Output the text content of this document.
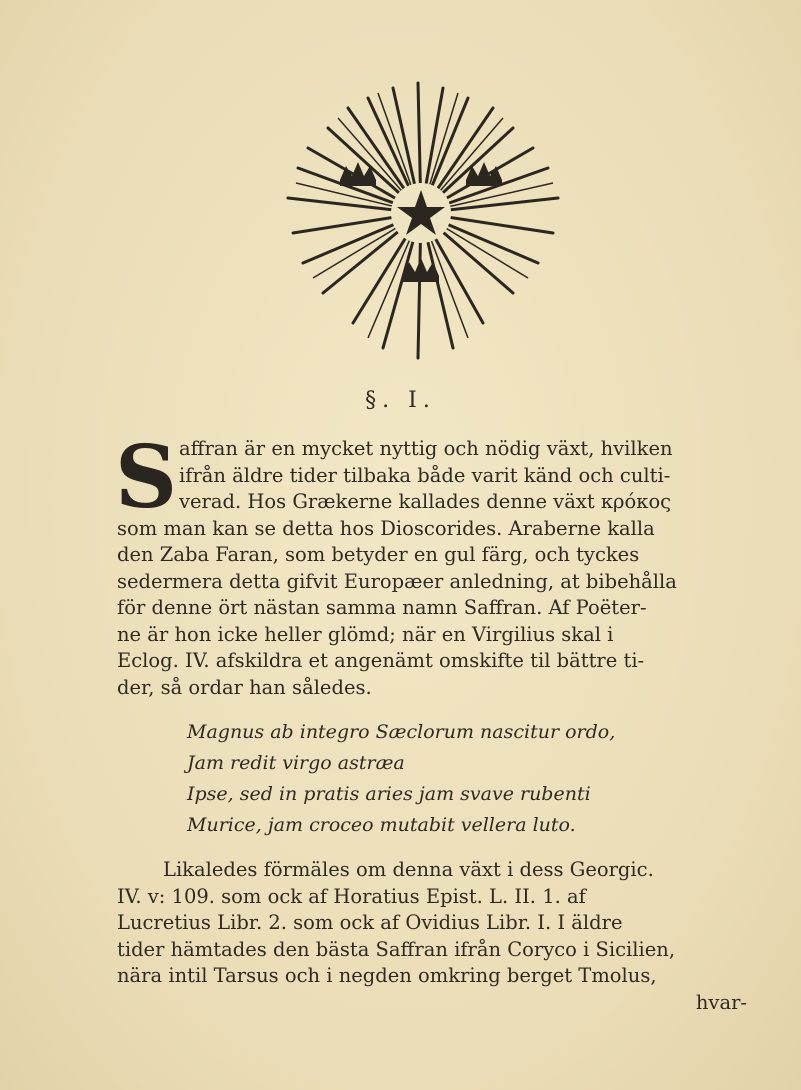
§. I.
S affran är en mycket nyttig och nödig växt, hvilken
ifrån äldre tider tilbaka både varit känd och culti-
verad. Hos Grækerne kallades denne växt κρόκος
som man kan se detta hos Dioscorides. Araberne kalla
den Zaba Faran, som betyder en gul färg, och tyckes
sedermera detta gifvit Europæer anledning, at bibehålla
för denne ört nästan samma namn Saffran. Af Poëter-
ne är hon icke heller glömd; när en Virgilius skal i
Eclog. IV. afskildra et angenämt omskifte til bättre ti-
der, så ordar han således.
Magnus ab integro Sæclorum nascitur ordo,
Jam redit virgo astræa
Ipse, sed in pratis aries jam svave rubenti
Murice, jam croceo mutabit vellera luto.
Likaledes förmäles om denna växt i dess Georgic.
IV. v: 109. som ock af Horatius Epist. L. II. 1. af
Lucretius Libr. 2. som ock af Ovidius Libr. I. I äldre
tider hämtades den bästa Saffran ifrån Coryco i Sicilien,
nära intil Tarsus och i negden omkring berget Tmolus,
hvar-
